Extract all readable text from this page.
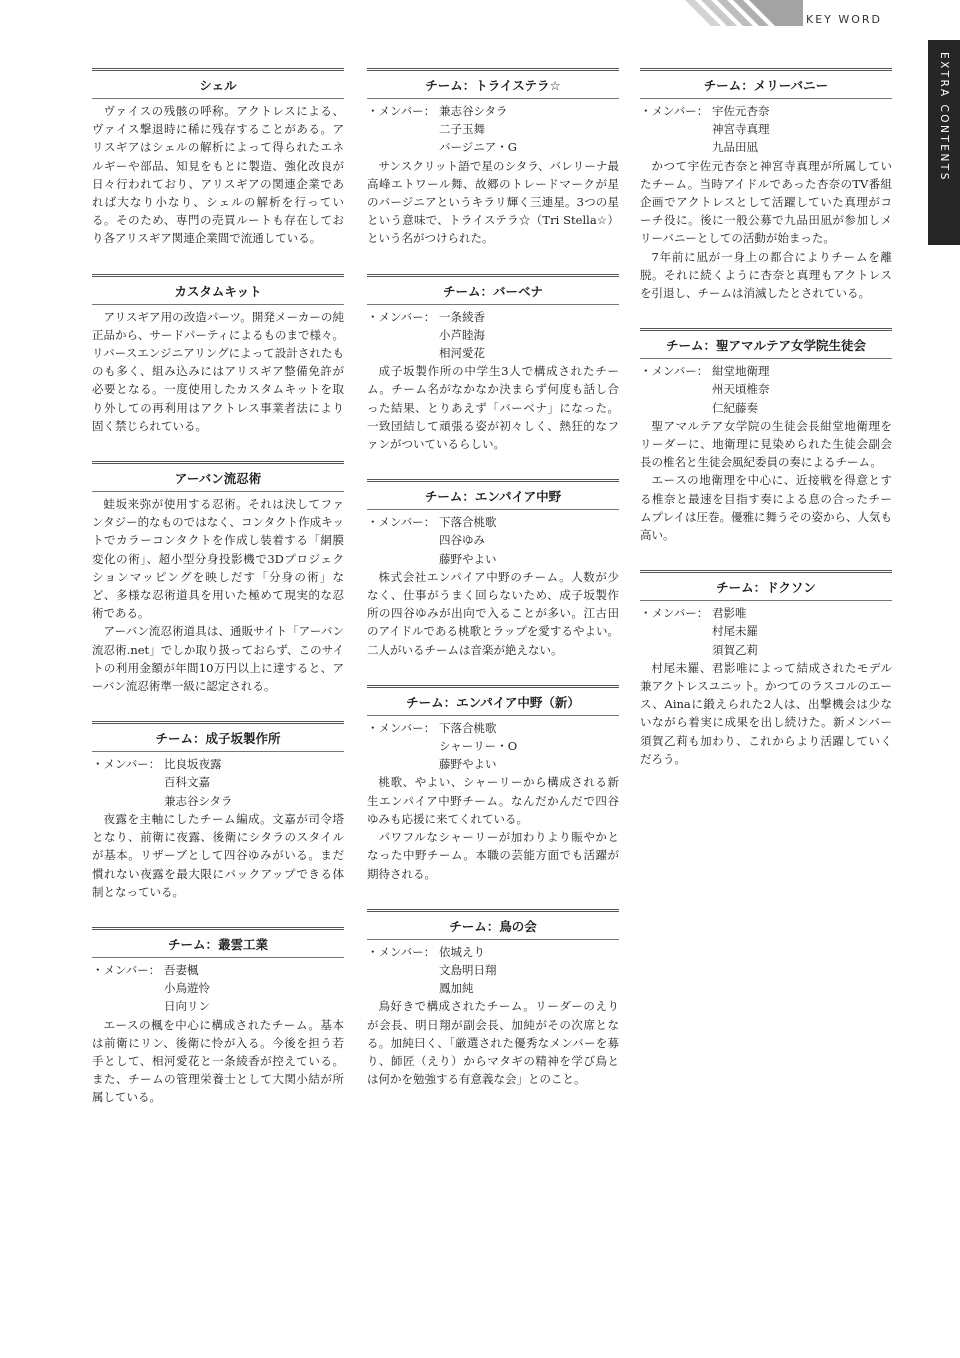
KEY WORD
EXTRA CONTENTS
シェル

ヴァイスの残骸の呼称。アクトレスによる、ヴァイス撃退時に稀に残存することがある。アリスギアはシェルの解析によって得られたエネルギーや部品、知見をもとに製造、強化改良が日々行われており、アリスギアの関連企業であれば大なり小なり、シェルの解析を行っている。そのため、専門の売買ルートも存在しており各アリスギア関連企業間で流通している。

カスタムキット

アリスギア用の改造パーツ。開発メーカーの純正品から、サードパーティによるものまで様々。リバースエンジニアリングによって設計されたものも多く、組み込みにはアリスギア整備免許が必要となる。一度使用したカスタムキットを取り外しての再利用はアクトレス事業者法により固く禁じられている。

アーバン流忍術

蛙坂来弥が使用する忍術。それは決してファンタジー的なものではなく、コンタクト作成キットでカラーコンタクトを作成し装着する「網膜変化の術」、超小型分身投影機で3Dプロジェクションマッピングを映しだす「分身の術」など、多様な忍術道具を用いた極めて現実的な忍術である。

アーバン流忍術道具は、通販サイト「アーバン流忍術.net」でしか取り扱っておらず、このサイトの利用金額が年間10万円以上に達すると、アーバン流忍術準一級に認定される。

チーム：成子坂製作所
・メンバー： 比良坂夜露
百科文嘉
兼志谷シタラ

夜露を主軸にしたチーム編成。文嘉が司令塔となり、前衛に夜露、後衛にシタラのスタイルが基本。リザーブとして四谷ゆみがいる。まだ慣れない夜露を最大限にバックアップできる体制となっている。

チーム：叢雲工業
・メンバー： 吾妻楓
小鳥遊怜
日向リン

エースの楓を中心に構成されたチーム。基本は前衛にリン、後衛に怜が入る。今後を担う若手として、相河愛花と一条綾香が控えている。また、チームの管理栄養士として大関小結が所属している。

チーム：トライステラ☆
・メンバー： 兼志谷シタラ
二子玉舞
バージニア・G

サンスクリット語で星のシタラ、バレリーナ最高峰エトワール舞、故郷のトレードマークが星のバージニアというキラリ輝く三連星。3つの星という意味で、トライステラ☆（Tri Stella☆）という名がつけられた。

チーム：バーベナ
・メンバー： 一条綾香
小芦睦海
相河愛花

成子坂製作所の中学生3人で構成されたチーム。チーム名がなかなか決まらず何度も話し合った結果、とりあえず「バーベナ」になった。一致団結して頑張る姿が初々しく、熱狂的なファンがついているらしい。

チーム：エンパイア中野
・メンバー： 下落合桃歌
四谷ゆみ
藤野やよい

株式会社エンパイア中野のチーム。人数が少なく、仕事がうまく回らないため、成子坂製作所の四谷ゆみが出向で入ることが多い。江古田のアイドルである桃歌とラップを愛するやよい。二人がいるチームは音楽が絶えない。

チーム：エンパイア中野（新）
・メンバー： 下落合桃歌
シャーリー・O
藤野やよい

桃歌、やよい、シャーリーから構成される新生エンパイア中野チーム。なんだかんだで四谷ゆみも応援に来てくれている。

パワフルなシャーリーが加わりより賑やかとなった中野チーム。本職の芸能方面でも活躍が期待される。

チーム：鳥の会
・メンバー： 依城えり
文島明日翔
鳳加純

鳥好きで構成されたチーム。リーダーのえりが会長、明日翔が副会長、加純がその次席となる。加純曰く、「厳選された優秀なメンバーを募り、師匠（えり）からマタギの精神を学び鳥とは何かを勉強する有意義な会」とのこと。

チーム：メリーバニー
・メンバー： 宇佐元杏奈
神宮寺真理
九品田凪

かつて宇佐元杏奈と神宮寺真理が所属していたチーム。当時アイドルであった杏奈のTV番組企画でアクトレスとして活躍していた真理がコーチ役に。後に一般公募で九品田凪が参加しメリーバニーとしての活動が始まった。

7年前に凪が一身上の都合によりチームを離脱。それに続くように杏奈と真理もアクトレスを引退し、チームは消滅したとされている。

チーム：聖アマルテア女学院生徒会
・メンバー： 紺堂地衛理
州天頃椎奈
仁紀藤奏

聖アマルテア女学院の生徒会長紺堂地衛理をリーダーに、地衛理に見染められた生徒会副会長の椎名と生徒会風紀委員の奏によるチーム。

エースの地衛理を中心に、近接戦を得意とする椎奈と最速を目指す奏による息の合ったチームプレイは圧巻。優雅に舞うその姿から、人気も高い。

チーム：ドクソン
・メンバー： 君影唯
村尾未羅
須賀乙莉

村尾未羅、君影唯によって結成されたモデル兼アクトレスユニット。かつてのラスコルのエース、Ainaに鍛えられた2人は、出撃機会は少ないながら着実に成果を出し続けた。新メンバー須賀乙莉も加わり、これからより活躍していくだろう。
